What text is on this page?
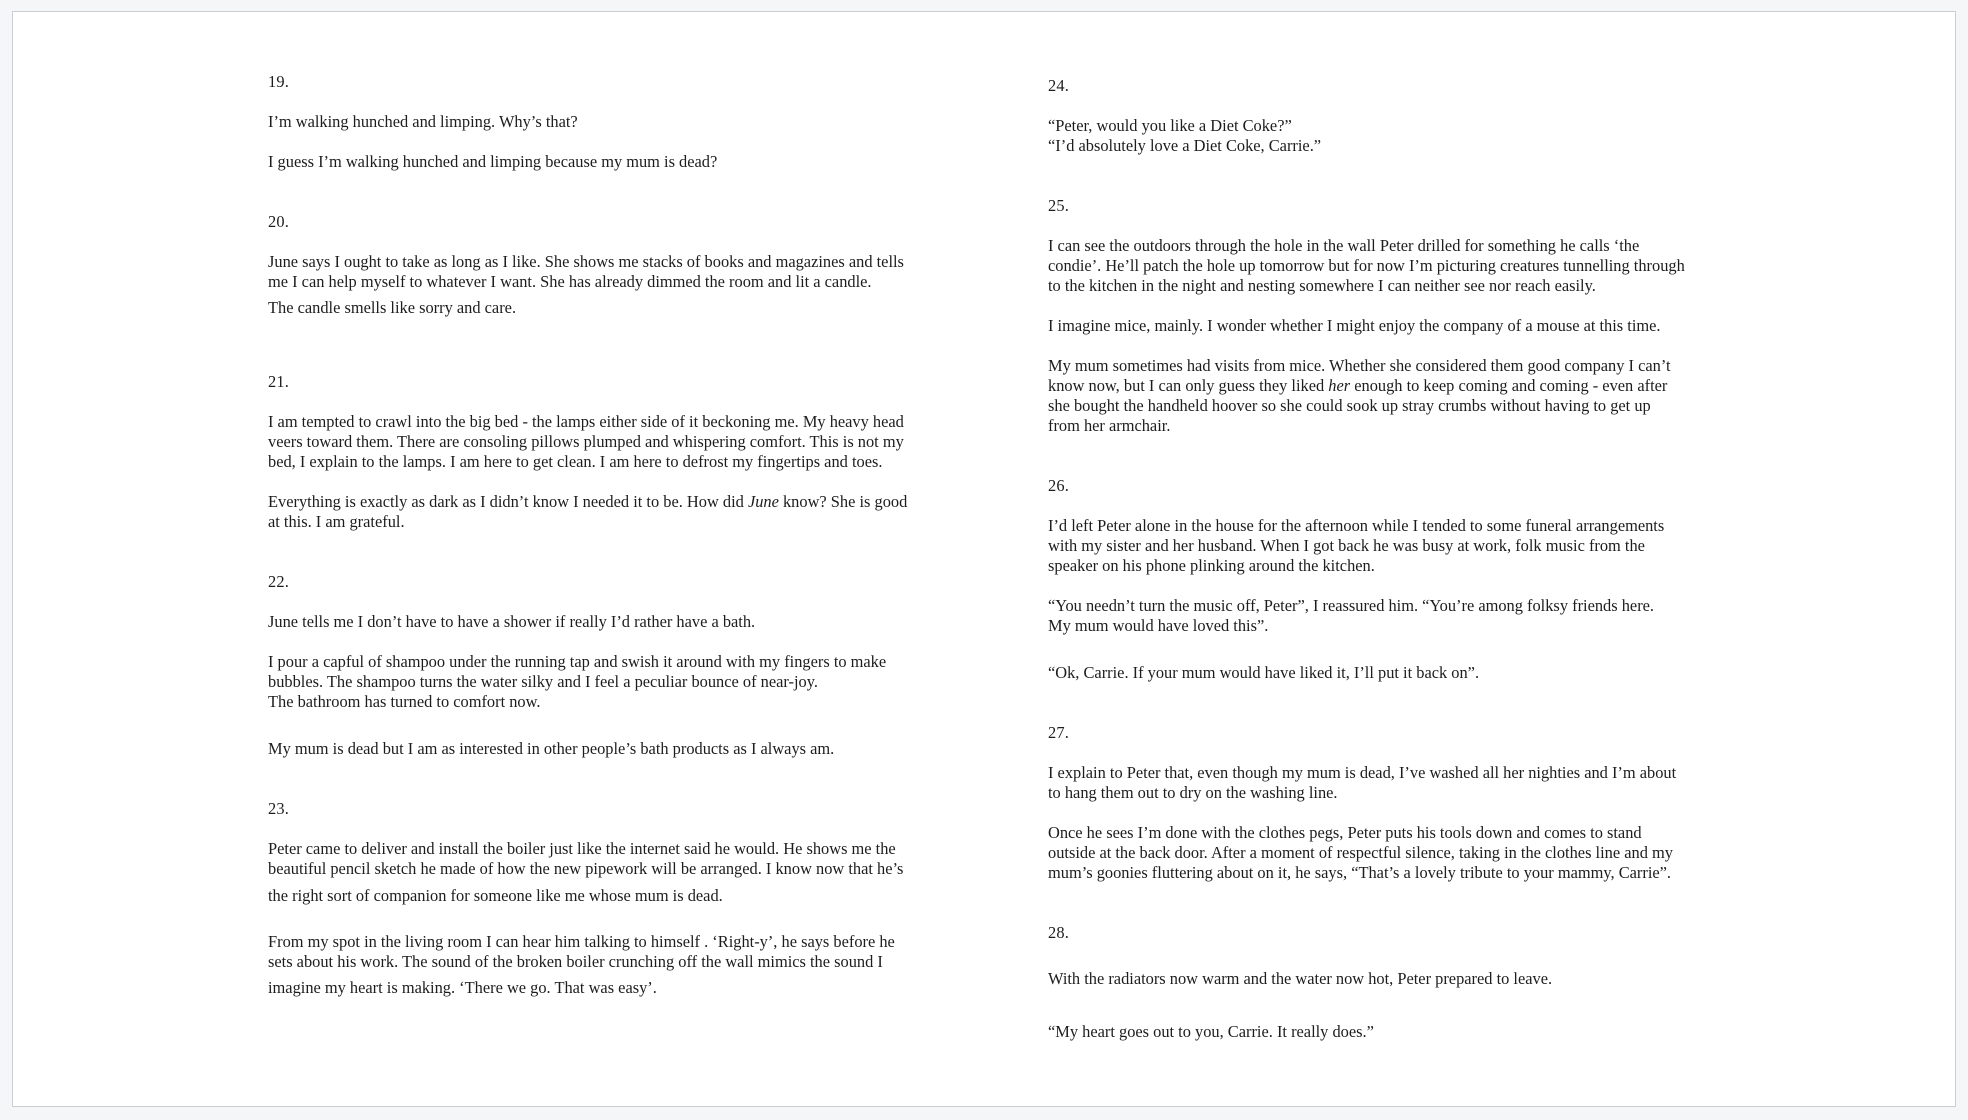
19.
I’m walking hunched and limping. Why’s that?
I guess I’m walking hunched and limping because my mum is dead?
20.
June says I ought to take as long as I like. She shows me stacks of books and magazines and tells
me I can help myself to whatever I want. She has already dimmed the room and lit a candle.
The candle smells like sorry and care.
21.
I am tempted to crawl into the big bed - the lamps either side of it beckoning me. My heavy head
veers toward them. There are consoling pillows plumped and whispering comfort. This is not my
bed, I explain to the lamps. I am here to get clean. I am here to defrost my fingertips and toes.
Everything is exactly as dark as I didn’t know I needed it to be. How did June know? She is good
at this. I am grateful.
22.
June tells me I don’t have to have a shower if really I’d rather have a bath.
I pour a capful of shampoo under the running tap and swish it around with my fingers to make
bubbles. The shampoo turns the water silky and I feel a peculiar bounce of near-joy.
The bathroom has turned to comfort now.
My mum is dead but I am as interested in other people’s bath products as I always am.
23.
Peter came to deliver and install the boiler just like the internet said he would. He shows me the
beautiful pencil sketch he made of how the new pipework will be arranged. I know now that he’s
the right sort of companion for someone like me whose mum is dead.
From my spot in the living room I can hear him talking to himself . ‘Right-y’, he says before he
sets about his work. The sound of the broken boiler crunching off the wall mimics the sound I
imagine my heart is making. ‘There we go. That was easy’.
24.
“Peter, would you like a Diet Coke?”
“I’d absolutely love a Diet Coke, Carrie.”
25.
I can see the outdoors through the hole in the wall Peter drilled for something he calls ‘the
condie’. He’ll patch the hole up tomorrow but for now I’m picturing creatures tunnelling through
to the kitchen in the night and nesting somewhere I can neither see nor reach easily.
I imagine mice, mainly. I wonder whether I might enjoy the company of a mouse at this time.
My mum sometimes had visits from mice. Whether she considered them good company I can’t
know now, but I can only guess they liked her enough to keep coming and coming - even after
she bought the handheld hoover so she could sook up stray crumbs without having to get up
from her armchair.
26.
I’d left Peter alone in the house for the afternoon while I tended to some funeral arrangements
with my sister and her husband. When I got back he was busy at work, folk music from the
speaker on his phone plinking around the kitchen.
“You needn’t turn the music off, Peter”, I reassured him. “You’re among folksy friends here.
My mum would have loved this”.
“Ok, Carrie. If your mum would have liked it, I’ll put it back on”.
27.
I explain to Peter that, even though my mum is dead, I’ve washed all her nighties and I’m about
to hang them out to dry on the washing line.
Once he sees I’m done with the clothes pegs, Peter puts his tools down and comes to stand
outside at the back door. After a moment of respectful silence, taking in the clothes line and my
mum’s goonies fluttering about on it, he says, “That’s a lovely tribute to your mammy, Carrie”.
28.
With the radiators now warm and the water now hot, Peter prepared to leave.
“My heart goes out to you, Carrie. It really does.”
